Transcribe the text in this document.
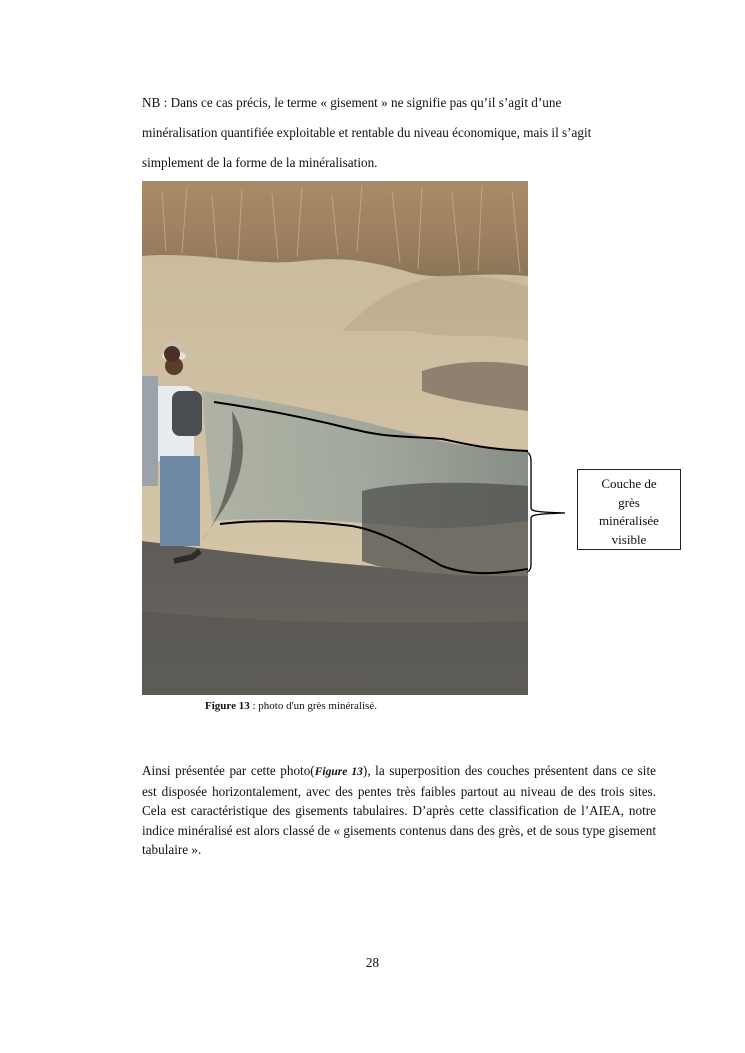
NB : Dans ce cas précis, le terme « gisement » ne signifie pas qu’il s’agit d’une

minéralisation quantifiée exploitable et rentable du niveau économique, mais il s’agit

simplement de la forme de la minéralisation.

Couche de
grès
minéralisée
visible
Figure 13 : photo d'un grès minéralisé.
Ainsi présentée par cette photo(Figure 13), la superposition des couches présentent dans ce site est disposée horizontalement, avec des pentes très faibles partout au niveau de des trois sites. Cela est caractéristique des gisements tabulaires. D’après cette classification de l’AIEA, notre indice minéralisé est alors classé de « gisements contenus dans des grès, et de sous type gisement tabulaire ».
28
